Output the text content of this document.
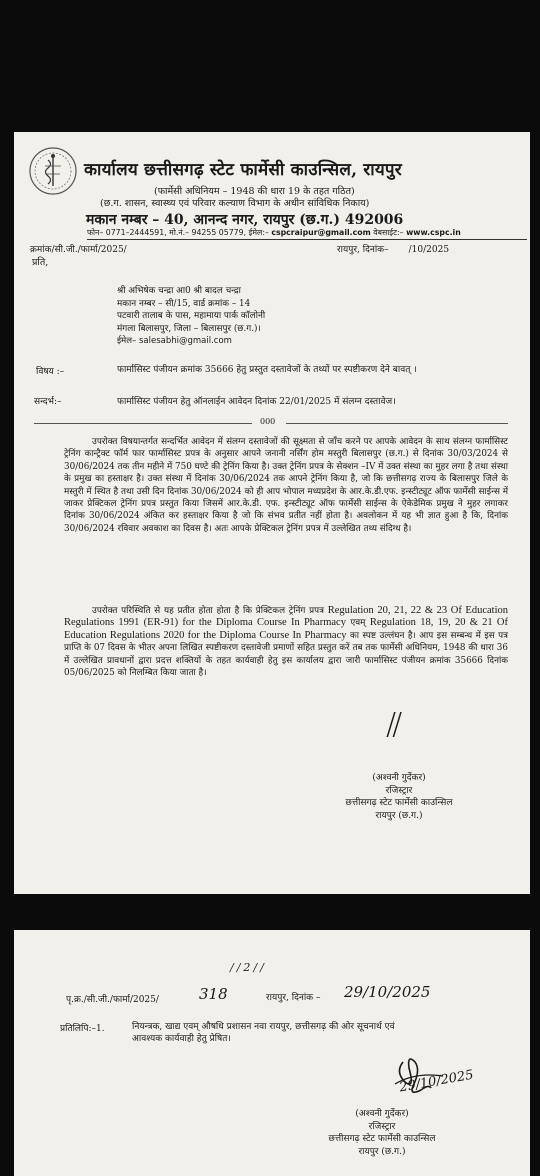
कार्यालय छत्तीसगढ़ स्टेट फार्मेसी काउन्सिल, रायपुर
(फार्मेसी अधिनियम – 1948 की धारा 19 के तहत गठित)
(छ.ग. शासन, स्वास्थ्य एवं परिवार कल्याण विभाग के अधीन सांविधिक निकाय)
मकान नम्बर – 40, आनन्द नगर, रायपुर (छ.ग.) 492006
फोन– 0771–2444591, मो.नं.– 94255 05779, ईमेल:– cspcraipur@gmail.com वेबसाईट:– www.cspc.in
क्रमांक/सी.जी./फार्मा/2025/	रायपुर, दिनांक–       /10/2025
प्रति,
श्री अभिषेक चन्द्रा आ0 श्री बादल चन्द्रा
मकान नम्बर – सी/15, वार्ड क्रमांक – 14
पटवारी तालाब के पास, महामाया पार्क कॉलोनी
मंगला बिलासपुर, जिला – बिलासपुर (छ.ग.)।
ईमेल– salesabhi@gmail.com
विषय :–	फार्मासिस्ट पंजीयन क्रमांक 35666 हेतु प्रस्तुत दस्तावेजों के तथ्यों पर स्पष्टीकरण देने बावत् ।
सन्दर्भ:–	फार्मासिस्ट पंजीयन हेतु ऑनलाईन आवेदन दिनांक 22/01/2025 में संलग्न दस्तावेज।
000
उपरोक्त विषयान्तर्गत सन्दर्भित आवेदन में संलग्न दस्तावेजों की सूक्ष्मता से जाँच करने पर आपके आवेदन के साथ संलग्न फार्मासिस्ट ट्रेनिंग कान्ट्रैक्ट फॉर्म फार फार्मासिस्ट प्रपत्र के अनुसार आपने जनानी नर्सिंग होम मस्तुरी बिलासपुर (छ.ग.) से दिनांक 30/03/2024 से 30/06/2024 तक तीन महीने में 750 घण्टे की ट्रेनिंग किया है। उक्त ट्रेनिंग प्रपत्र के सेक्शन –IV में उक्त संस्था का मुहर लगा है तथा संस्था के प्रमुख का हस्ताक्षर है। उक्त संस्था में दिनांक 30/06/2024 तक आपने ट्रेनिंग किया है, जो कि छत्तीसगढ़ राज्य के बिलासपुर जिले के मस्तुरी में स्थित है तथा उसी दिन दिनांक 30/06/2024 को ही आप भोपाल मध्यप्रदेश के आर.के.डी.एफ. इन्स्टीट्यूट ऑफ फार्मेसी साईन्स में जाकर प्रेक्टिकल ट्रेनिंग प्रपत्र प्रस्तुत किया जिसमें आर.के.डी. एफ. इन्स्टीट्यूट ऑफ फार्मेसी साईन्स के ऐकेडेमिक प्रमुख ने मुहर लगाकर दिनांक 30/06/2024 अंकित कर हस्ताक्षर किया है जो कि संभव प्रतीत नहीं होता है। अवलोकन में यह भी ज्ञात हुआ है कि, दिनांक 30/06/2024 रविवार अवकाश का दिवस है। अतः आपके प्रेक्टिकल ट्रेनिंग प्रपत्र में उल्लेखित तथ्य संदिग्ध है।
उपरोक्त परिस्थिति से यह प्रतीत होता होता है कि प्रेक्टिकल ट्रेनिंग प्रपत्र Regulation 20, 21, 22 & 23 Of Education Regulations 1991 (ER-91) for the Diploma Course In Pharmacy एवम् Regulation 18, 19, 20 & 21 Of Education Regulations 2020 for the Diploma Course In Pharmacy का स्पष्ट उल्लंघन है। आप इस सम्बन्ध में इस पत्र प्राप्ति के 07 दिवस के भीतर अपना लिखित स्पष्टीकरण दस्तावेजी प्रमाणों सहित प्रस्तुत करें तब तक फार्मेसी अधिनियम, 1948 की धारा 36 में उल्लेखित प्रावधानों द्वारा प्रदत्त शक्तियों के तहत कार्यवाही हेतु इस कार्यालय द्वारा जारी फार्मासिस्ट पंजीयन क्रमांक 35666 दिनांक 05/06/2025 को निलम्बित किया जाता है।
//
(अश्वनी गुर्देकर)
रजिस्ट्रार
छत्तीसगढ़ स्टेट फार्मेसी काउन्सिल
रायपुर (छ.ग.)
//2//
पृ.क्र./सी.जी./फार्मा/2025/	318	रायपुर, दिनांक – 29/10/2025
प्रतिलिपि:–1.	नियन्त्रक, खाद्य एवम् औषधि प्रशासन नवा रायपुर, छत्तीसगढ़ की ओर सूचनार्थ एवं
आवश्यक कार्यवाही हेतु प्रेषित।
29/10/2025
(अश्वनी गुर्देकर)
रजिस्ट्रार
छत्तीसगढ़ स्टेट फार्मेसी काउन्सिल
रायपुर (छ.ग.)
